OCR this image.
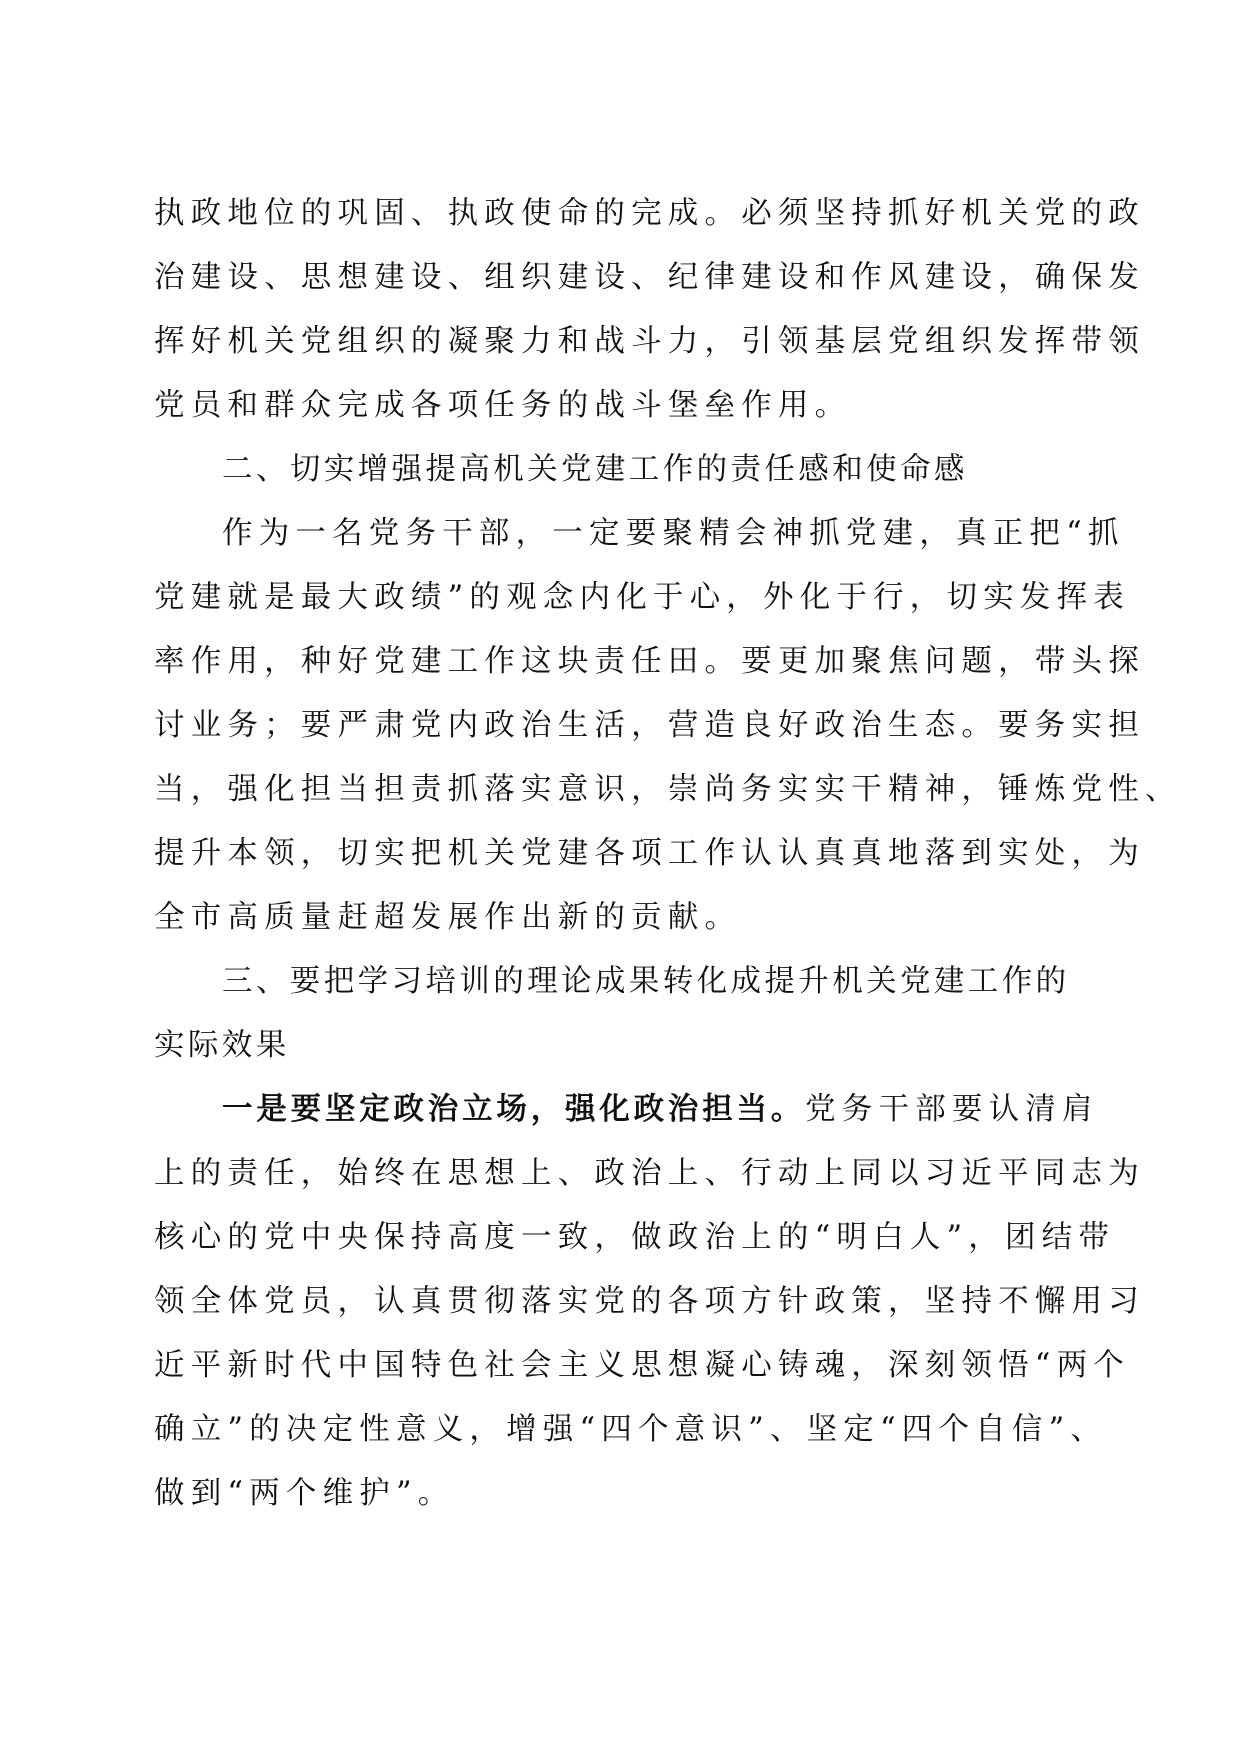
执政地位的巩固、执政使命的完成。必须坚持抓好机关党的政
治建设、思想建设、组织建设、纪律建设和作风建设，确保发
挥好机关党组织的凝聚力和战斗力，引领基层党组织发挥带领
党员和群众完成各项任务的战斗堡垒作用。
二、切实增强提高机关党建工作的责任感和使命感
作为一名党务干部，一定要聚精会神抓党建，真正把“抓
党建就是最大政绩”的观念内化于心，外化于行，切实发挥表
率作用，种好党建工作这块责任田。要更加聚焦问题，带头探
讨业务；要严肃党内政治生活，营造良好政治生态。要务实担
当，强化担当担责抓落实意识，崇尚务实实干精神，锤炼党性、
提升本领，切实把机关党建各项工作认认真真地落到实处，为
全市高质量赶超发展作出新的贡献。
三、要把学习培训的理论成果转化成提升机关党建工作的
实际效果
一是要坚定政治立场，强化政治担当。党务干部要认清肩
上的责任，始终在思想上、政治上、行动上同以习近平同志为
核心的党中央保持高度一致，做政治上的“明白人”，团结带
领全体党员，认真贯彻落实党的各项方针政策，坚持不懈用习
近平新时代中国特色社会主义思想凝心铸魂，深刻领悟“两个
确立”的决定性意义，增强“四个意识”、坚定“四个自信”、
做到“两个维护”。
